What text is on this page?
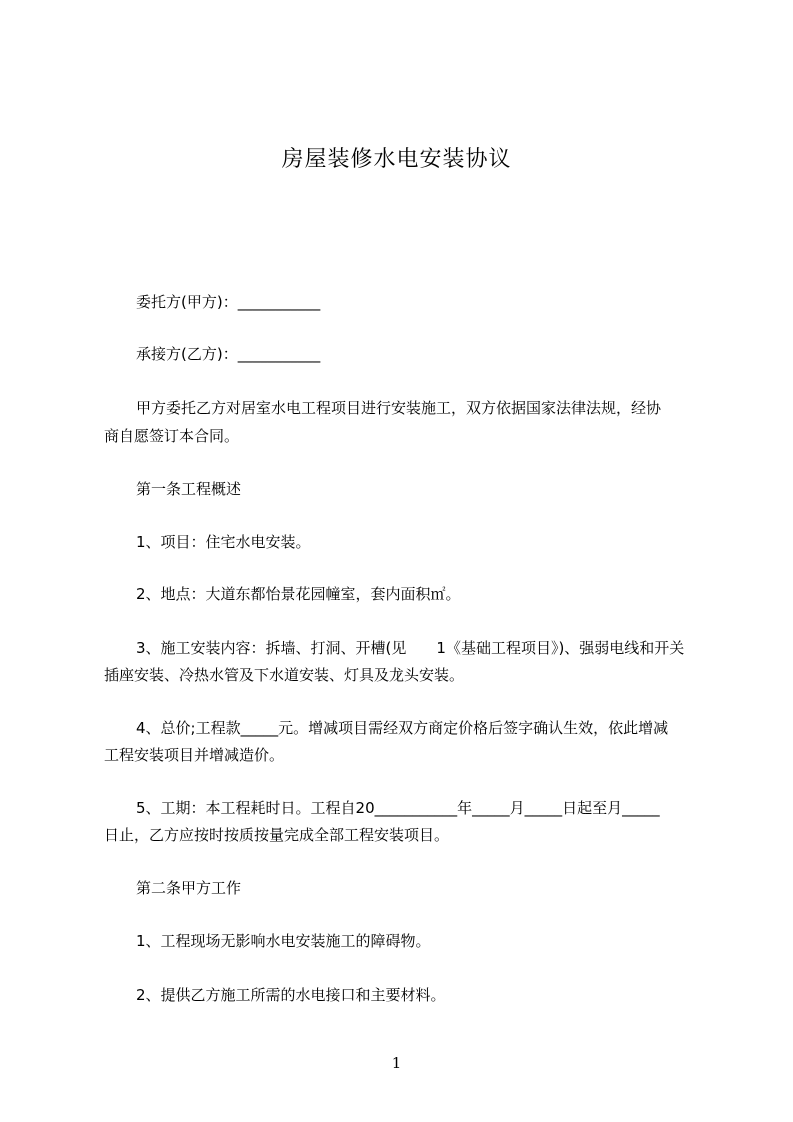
房屋装修水电安装协议
委托方(甲方)：___________
承接方(乙方)：___________
甲方委托乙方对居室水电工程项目进行安装施工，双方依据国家法律法规，经协
商自愿签订本合同。
第一条工程概述
1、项目：住宅水电安装。
2、地点：大道东都怡景花园幢室，套内面积㎡。
3、施工安装内容：拆墙、打洞、开槽(见　　1《基础工程项目》)、强弱电线和开关
插座安装、冷热水管及下水道安装、灯具及龙头安装。
4、总价;工程款_____元。增减项目需经双方商定价格后签字确认生效，依此增减
工程安装项目并增减造价。
5、工期：本工程耗时日。工程自20___________年_____月_____日起至月_____
日止，乙方应按时按质按量完成全部工程安装项目。
第二条甲方工作
1、工程现场无影响水电安装施工的障碍物。
2、提供乙方施工所需的水电接口和主要材料。
1
